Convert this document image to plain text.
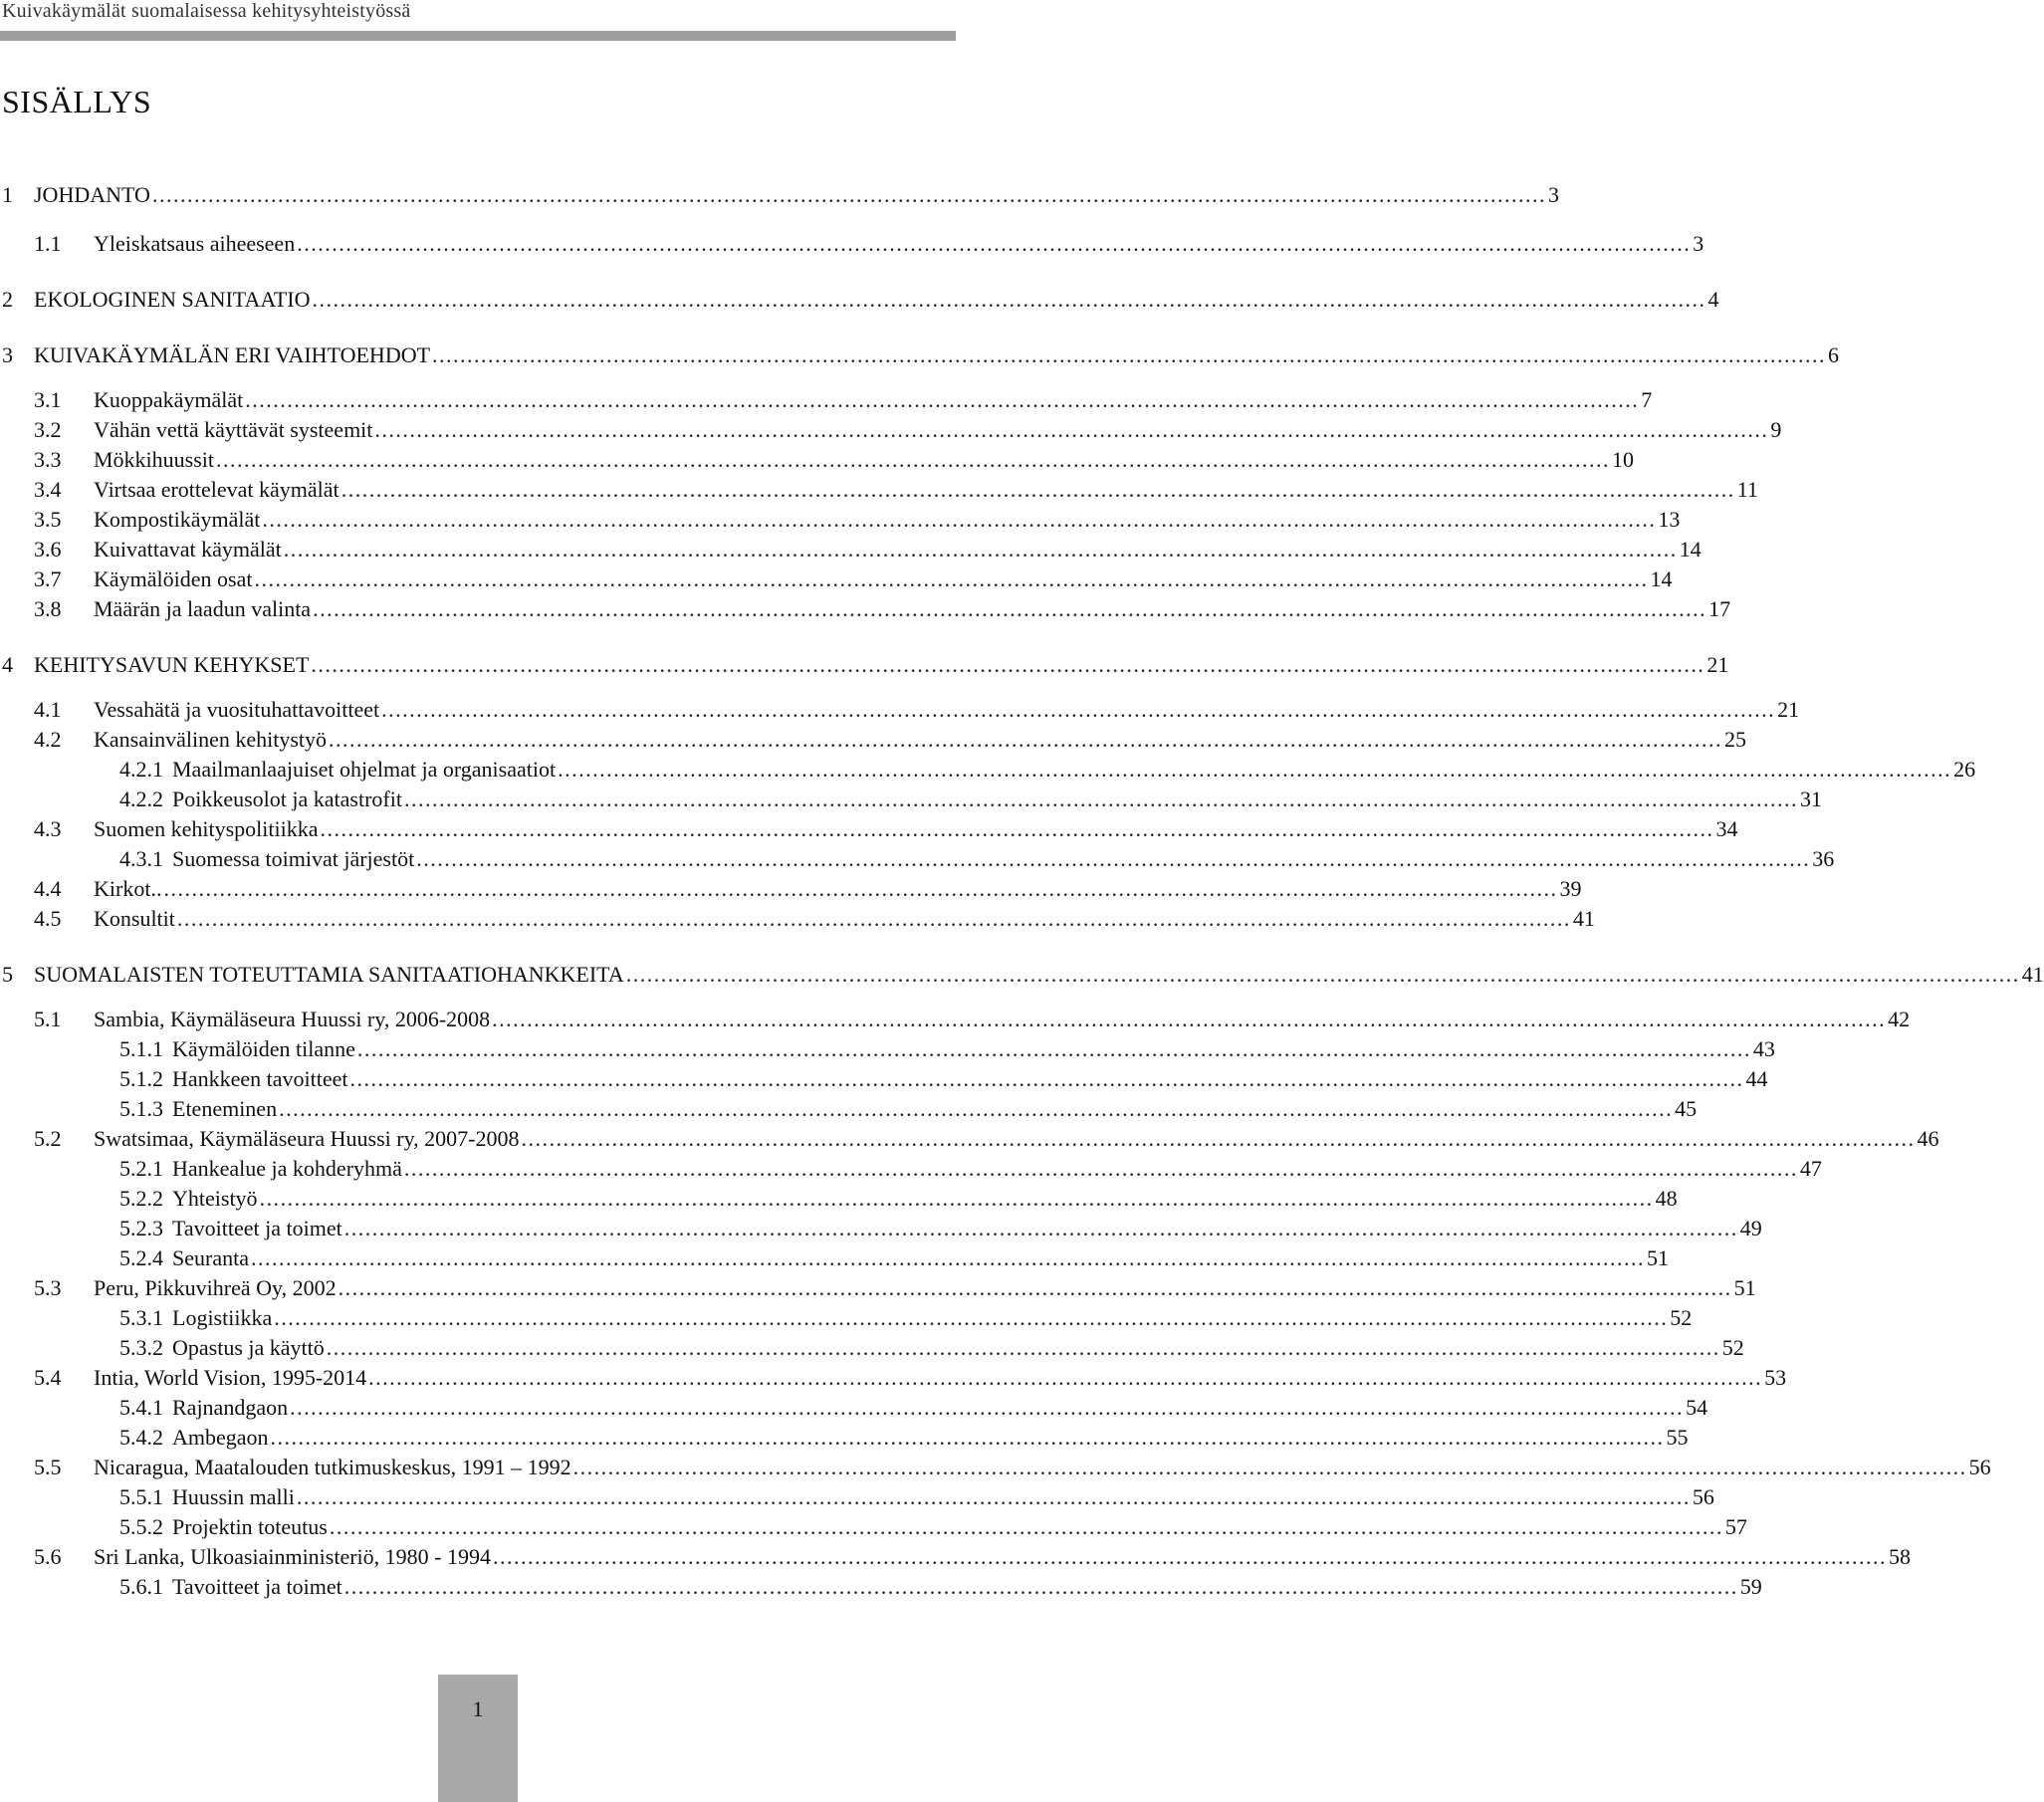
Kuivakäymälät suomalaisessa kehitysyhteistyössä
SISÄLLYS
1 JOHDANTO ........................................................................................................................................................................................................ 3
1.1 Yleiskatsaus aiheeseen ........................................................................................................................................................................................................ 3
2 EKOLOGINEN SANITAATIO ........................................................................................................................................................................................................ 4
3 KUIVAKÄYMÄLÄN ERI VAIHTOEHDOT ........................................................................................................................................................................................................ 6
3.1 Kuoppakäymälät ........................................................................................................................................................................................................ 7
3.2 Vähän vettä käyttävät systeemit ........................................................................................................................................................................................................ 9
3.3 Mökkihuussit ........................................................................................................................................................................................................ 10
3.4 Virtsaa erottelevat käymälät ........................................................................................................................................................................................................ 11
3.5 Kompostikäymälät ........................................................................................................................................................................................................ 13
3.6 Kuivattavat käymälät ........................................................................................................................................................................................................ 14
3.7 Käymälöiden osat ........................................................................................................................................................................................................ 14
3.8 Määrän ja laadun valinta ........................................................................................................................................................................................................ 17
4 KEHITYSAVUN KEHYKSET ........................................................................................................................................................................................................ 21
4.1 Vessahätä ja vuosituhattavoitteet ........................................................................................................................................................................................................ 21
4.2 Kansainvälinen kehitystyö ........................................................................................................................................................................................................ 25
4.2.1 Maailmanlaajuiset ohjelmat ja organisaatiot ........................................................................................................................................................................................................ 26
4.2.2 Poikkeusolot ja katastrofit ........................................................................................................................................................................................................ 31
4.3 Suomen kehityspolitiikka ........................................................................................................................................................................................................ 34
4.3.1 Suomessa toimivat järjestöt ........................................................................................................................................................................................................ 36
4.4 Kirkot.. ........................................................................................................................................................................................................ 39
4.5 Konsultit ........................................................................................................................................................................................................ 41
5 SUOMALAISTEN TOTEUTTAMIA SANITAATIOHANKKEITA ........................................................................................................................................................................................................ 41
5.1 Sambia, Käymäläseura Huussi ry, 2006-2008 ........................................................................................................................................................................................................ 42
5.1.1 Käymälöiden tilanne ........................................................................................................................................................................................................ 43
5.1.2 Hankkeen tavoitteet ........................................................................................................................................................................................................ 44
5.1.3 Eteneminen ........................................................................................................................................................................................................ 45
5.2 Swatsimaa, Käymäläseura Huussi ry, 2007-2008 ........................................................................................................................................................................................................ 46
5.2.1 Hankealue ja kohderyhmä ........................................................................................................................................................................................................ 47
5.2.2 Yhteistyö ........................................................................................................................................................................................................ 48
5.2.3 Tavoitteet ja toimet ........................................................................................................................................................................................................ 49
5.2.4 Seuranta ........................................................................................................................................................................................................ 51
5.3 Peru, Pikkuvihreä Oy, 2002 ........................................................................................................................................................................................................ 51
5.3.1 Logistiikka ........................................................................................................................................................................................................ 52
5.3.2 Opastus ja käyttö ........................................................................................................................................................................................................ 52
5.4 Intia, World Vision, 1995-2014 ........................................................................................................................................................................................................ 53
5.4.1 Rajnandgaon ........................................................................................................................................................................................................ 54
5.4.2 Ambegaon ........................................................................................................................................................................................................ 55
5.5 Nicaragua, Maatalouden tutkimuskeskus, 1991 – 1992 ........................................................................................................................................................................................................ 56
5.5.1 Huussin malli ........................................................................................................................................................................................................ 56
5.5.2 Projektin toteutus ........................................................................................................................................................................................................ 57
5.6 Sri Lanka, Ulkoasiainministeriö, 1980 - 1994 ........................................................................................................................................................................................................ 58
5.6.1 Tavoitteet ja toimet ........................................................................................................................................................................................................ 59
1
